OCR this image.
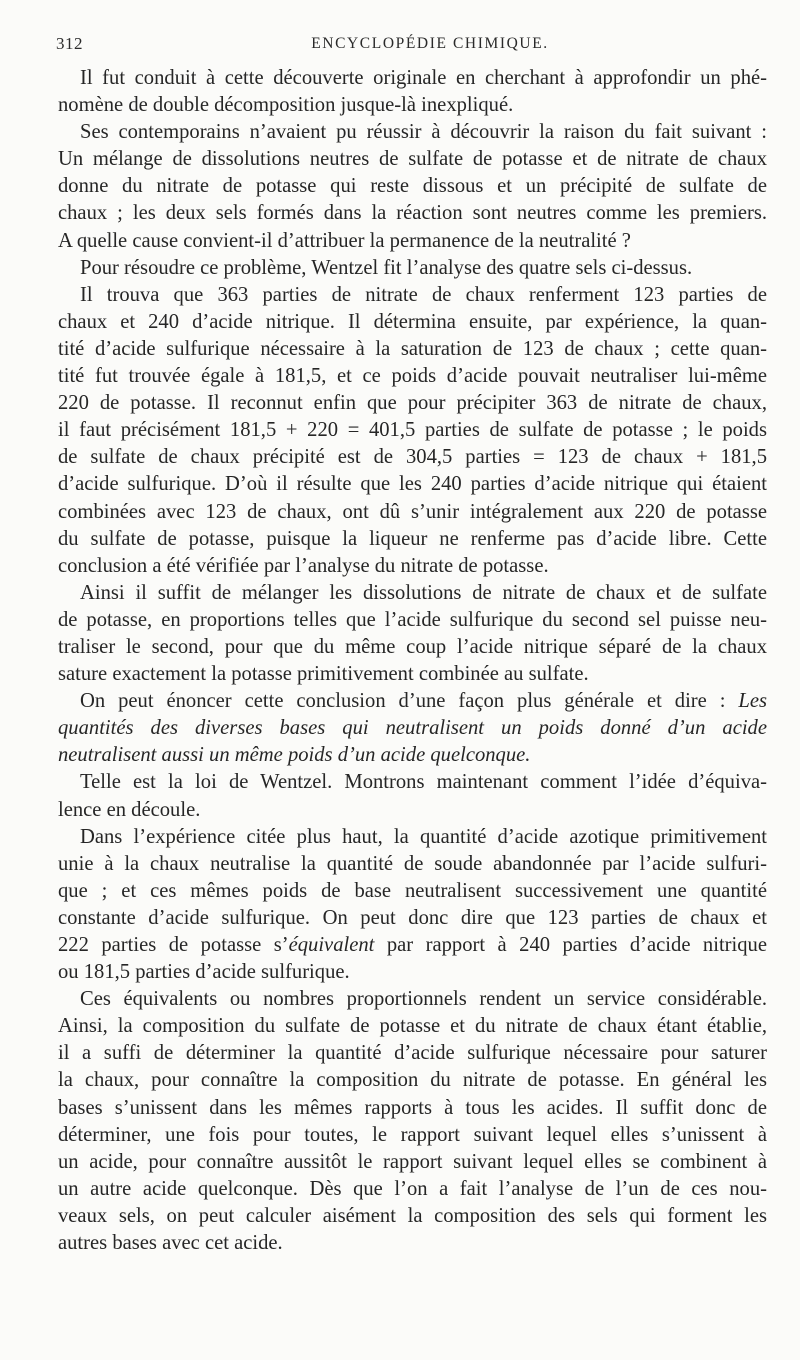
312	ENCYCLOPÉDIE CHIMIQUE.
Il fut conduit à cette découverte originale en cherchant à approfondir un phé-
nomène de double décomposition jusque-là inexpliqué.
Ses contemporains n’avaient pu réussir à découvrir la raison du fait suivant :
Un mélange de dissolutions neutres de sulfate de potasse et de nitrate de chaux
donne du nitrate de potasse qui reste dissous et un précipité de sulfate de
chaux ; les deux sels formés dans la réaction sont neutres comme les premiers.
A quelle cause convient-il d’attribuer la permanence de la neutralité ?
Pour résoudre ce problème, Wentzel fit l’analyse des quatre sels ci-dessus.
Il trouva que 363 parties de nitrate de chaux renferment 123 parties de
chaux et 240 d’acide nitrique. Il détermina ensuite, par expérience, la quan-
tité d’acide sulfurique nécessaire à la saturation de 123 de chaux ; cette quan-
tité fut trouvée égale à 181,5, et ce poids d’acide pouvait neutraliser lui-même
220 de potasse. Il reconnut enfin que pour précipiter 363 de nitrate de chaux,
il faut précisément 181,5 + 220 = 401,5 parties de sulfate de potasse ; le poids
de sulfate de chaux précipité est de 304,5 parties = 123 de chaux + 181,5
d’acide sulfurique. D’où il résulte que les 240 parties d’acide nitrique qui étaient
combinées avec 123 de chaux, ont dû s’unir intégralement aux 220 de potasse
du sulfate de potasse, puisque la liqueur ne renferme pas d’acide libre. Cette
conclusion a été vérifiée par l’analyse du nitrate de potasse.
Ainsi il suffit de mélanger les dissolutions de nitrate de chaux et de sulfate
de potasse, en proportions telles que l’acide sulfurique du second sel puisse neu-
traliser le second, pour que du même coup l’acide nitrique séparé de la chaux
sature exactement la potasse primitivement combinée au sulfate.
On peut énoncer cette conclusion d’une façon plus générale et dire : Les
quantités des diverses bases qui neutralisent un poids donné d’un acide
neutralisent aussi un même poids d’un acide quelconque.
Telle est la loi de Wentzel. Montrons maintenant comment l’idée d’équiva-
lence en découle.
Dans l’expérience citée plus haut, la quantité d’acide azotique primitivement
unie à la chaux neutralise la quantité de soude abandonnée par l’acide sulfuri-
que ; et ces mêmes poids de base neutralisent successivement une quantité
constante d’acide sulfurique. On peut donc dire que 123 parties de chaux et
222 parties de potasse s’équivalent par rapport à 240 parties d’acide nitrique
ou 181,5 parties d’acide sulfurique.
Ces équivalents ou nombres proportionnels rendent un service considérable.
Ainsi, la composition du sulfate de potasse et du nitrate de chaux étant établie,
il a suffi de déterminer la quantité d’acide sulfurique nécessaire pour saturer
la chaux, pour connaître la composition du nitrate de potasse. En général les
bases s’unissent dans les mêmes rapports à tous les acides. Il suffit donc de
déterminer, une fois pour toutes, le rapport suivant lequel elles s’unissent à
un acide, pour connaître aussitôt le rapport suivant lequel elles se combinent à
un autre acide quelconque. Dès que l’on a fait l’analyse de l’un de ces nou-
veaux sels, on peut calculer aisément la composition des sels qui forment les
autres bases avec cet acide.
